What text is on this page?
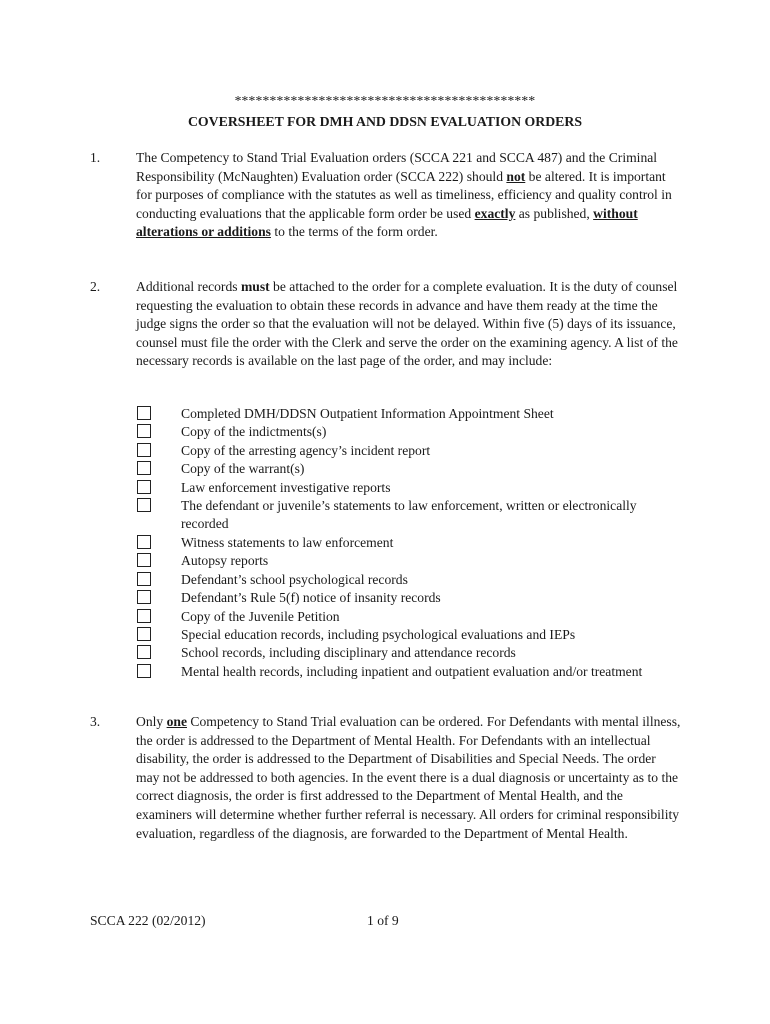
*******************************************
COVERSHEET FOR DMH AND DDSN EVALUATION ORDERS
1.	The Competency to Stand Trial Evaluation orders (SCCA 221 and SCCA 487) and the Criminal Responsibility (McNaughten) Evaluation order (SCCA 222) should not be altered. It is important for purposes of compliance with the statutes as well as timeliness, efficiency and quality control in conducting evaluations that the applicable form order be used exactly as published, without alterations or additions to the terms of the form order.
2.	Additional records must be attached to the order for a complete evaluation. It is the duty of counsel requesting the evaluation to obtain these records in advance and have them ready at the time the judge signs the order so that the evaluation will not be delayed. Within five (5) days of its issuance, counsel must file the order with the Clerk and serve the order on the examining agency. A list of the necessary records is available on the last page of the order, and may include:
Completed DMH/DDSN Outpatient Information Appointment Sheet
Copy of the indictments(s)
Copy of the arresting agency’s incident report
Copy of the warrant(s)
Law enforcement investigative reports
The defendant or juvenile’s statements to law enforcement, written or electronically recorded
Witness statements to law enforcement
Autopsy reports
Defendant’s school psychological records
Defendant’s Rule 5(f) notice of insanity records
Copy of the Juvenile Petition
Special education records, including psychological evaluations and IEPs
School records, including disciplinary and attendance records
Mental health records, including inpatient and outpatient evaluation and/or treatment
3.	Only one Competency to Stand Trial evaluation can be ordered. For Defendants with mental illness, the order is addressed to the Department of Mental Health. For Defendants with an intellectual disability, the order is addressed to the Department of Disabilities and Special Needs. The order may not be addressed to both agencies. In the event there is a dual diagnosis or uncertainty as to the correct diagnosis, the order is first addressed to the Department of Mental Health, and the examiners will determine whether further referral is necessary. All orders for criminal responsibility evaluation, regardless of the diagnosis, are forwarded to the Department of Mental Health.
SCCA 222 (02/2012)	1 of 9
